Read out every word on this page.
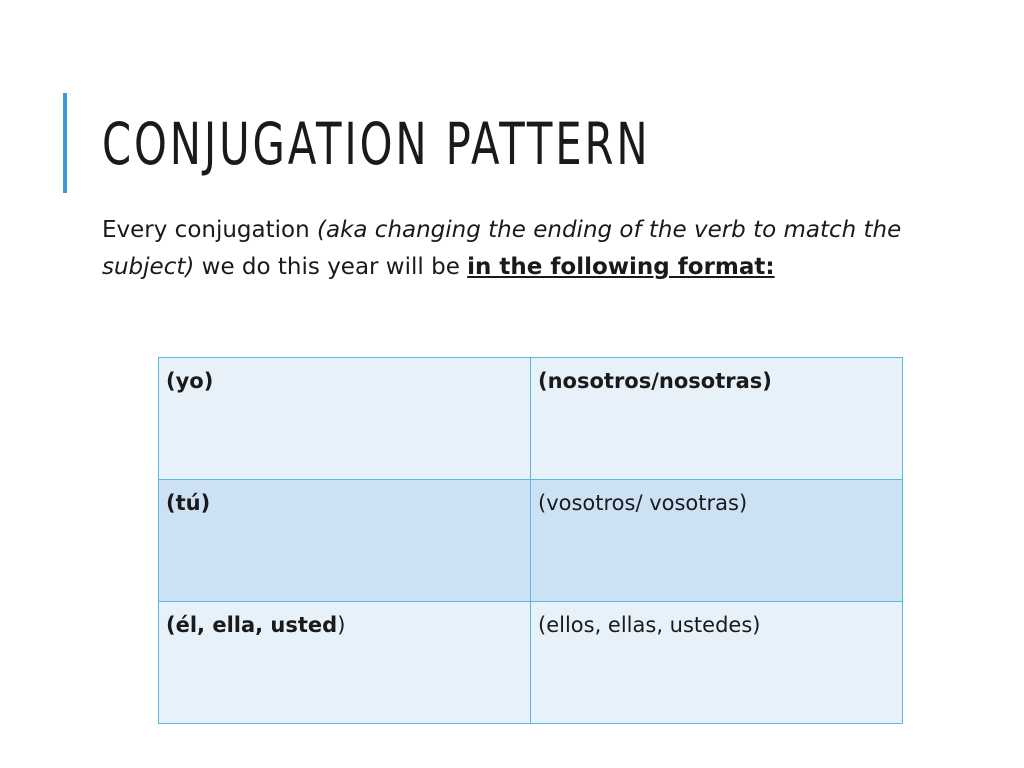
CONJUGATION PATTERN

Every conjugation (aka changing the ending of the verb to match the subject) we do this year will be in the following format:

(yo)	(nosotros/nosotras)
(tú)	(vosotros/ vosotras)
(él, ella, usted)	(ellos, ellas, ustedes)
